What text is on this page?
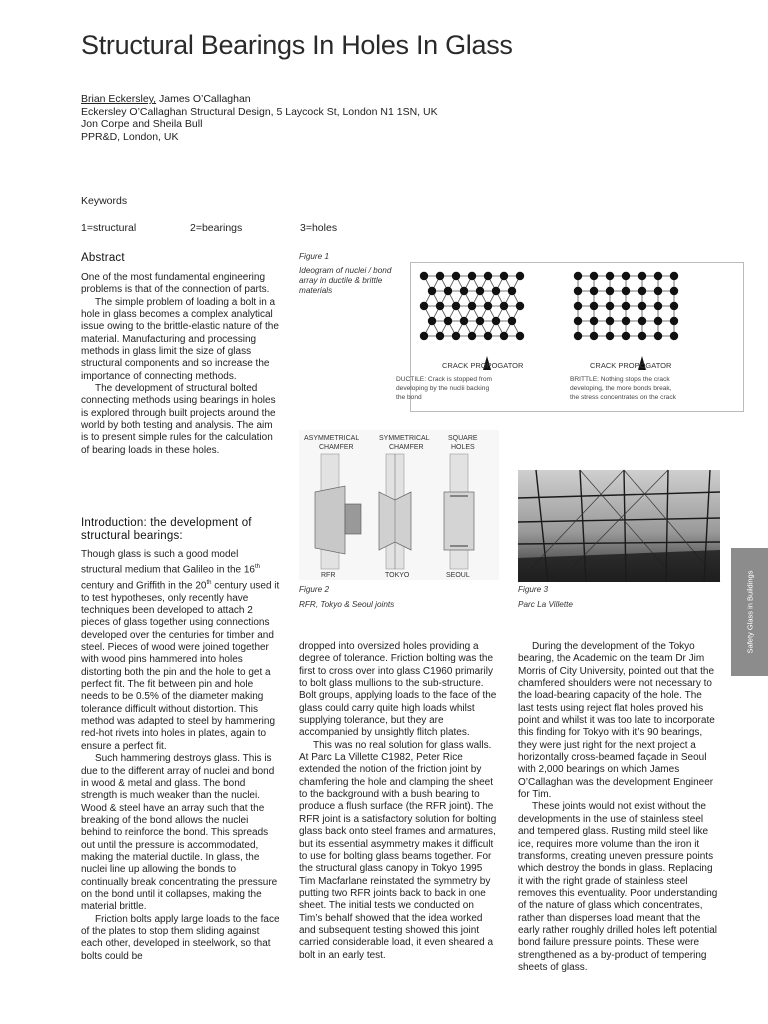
Structural Bearings In Holes In Glass
Brian Eckersley, James O’Callaghan
Eckersley O’Callaghan Structural Design, 5 Laycock St, London N1 1SN, UK
Jon Corpe and Sheila Bull
PPR&D, London, UK
Keywords
1=structural	2=bearings	3=holes
Safety Glass in Buildings
Abstract

One of the most fundamental engineering problems is that of the connection of parts.

The simple problem of loading a bolt in a hole in glass becomes a complex analytical issue owing to the brittle-elastic nature of the material. Manufacturing and processing methods in glass limit the size of glass structural components and so increase the importance of connecting methods.

The development of structural bolted connecting methods using bearings in holes is explored through built projects around the world by both testing and analysis. The aim is to present simple rules for the calculation of bearing loads in these holes.

Introduction: the development of structural bearings:

Though glass is such a good model structural medium that Galileo in the 16th century and Griffith in the 20th century used it to test hypotheses, only recently have techniques been developed to attach 2 pieces of glass together using connections developed over the centuries for timber and steel. Pieces of wood were joined together with wood pins hammered into holes distorting both the pin and the hole to get a perfect fit. The fit between pin and hole needs to be 0.5% of the diameter making tolerance difficult without distortion. This method was adapted to steel by hammering red-hot rivets into holes in plates, again to ensure a perfect fit.

Such hammering destroys glass. This is due to the different array of nuclei and bond in wood & metal and glass. The bond strength is much weaker than the nuclei. Wood & steel have an array such that the breaking of the bond allows the nuclei behind to reinforce the bond. This spreads out until the pressure is accommodated, making the material ductile. In glass, the nuclei line up allowing the bonds to continually break concentrating the pressure on the bond until it collapses, making the material brittle.

Friction bolts apply large loads to the face of the plates to stop them sliding against each other, developed in steelwork, so that bolts could be

dropped into oversized holes providing a degree of tolerance. Friction bolting was the first to cross over into glass C1960 primarily to bolt glass mullions to the sub-structure. Bolt groups, applying loads to the face of the glass could carry quite high loads whilst supplying tolerance, but they are accompanied by unsightly flitch plates.

This was no real solution for glass walls. At Parc La Villette C1982, Peter Rice extended the notion of the friction joint by chamfering the hole and clamping the sheet to the background with a bush bearing to produce a flush surface (the RFR joint). The RFR joint is a satisfactory solution for bolting glass back onto steel frames and armatures, but its essential asymmetry makes it difficult to use for bolting glass beams together. For the structural glass canopy in Tokyo 1995 Tim Macfarlane reinstated the symmetry by putting two RFR joints back to back in one sheet. The initial tests we conducted on Tim’s behalf showed that the idea worked and subsequent testing showed this joint carried considerable load, it even sheared a bolt in an early test.

During the development of the Tokyo bearing, the Academic on the team Dr Jim Morris of City University, pointed out that the chamfered shoulders were not necessary to the load-bearing capacity of the hole. The last tests using reject flat holes proved his point and whilst it was too late to incorporate this finding for Tokyo with it’s 90 bearings, they were just right for the next project a horizontally cross-beamed façade in Seoul with 2,000 bearings on which James O’Callaghan was the development Engineer for Tim.

These joints would not exist without the developments in the use of stainless steel and tempered glass. Rusting mild steel like ice, requires more volume than the iron it transforms, creating uneven pressure points which destroy the bonds in glass. Replacing it with the right grade of stainless steel removes this eventuality. Poor understanding of the nature of glass which concentrates, rather than disperses load meant that the early rather roughly drilled holes left potential bond failure pressure points. These were strengthened as a by-product of tempering sheets of glass.

Figure 1
Ideogram of nuclei / bond array in ductile & brittle materials
CRACK PROPOGATOR	CRACK PROPOGATOR
DUCTILE: Crack is stopped from
developing by the nuclii backing
the bond
BRITTLE: Nothing stops the crack
developing, the more bonds break,
the stress concentrates on the crack
ASYMMETRICAL
CHAMFER
SYMMETRICAL
CHAMFER
SQUARE
HOLES
RFR	TOKYO	SEOUL
Figure 2
RFR, Tokyo & Seoul joints
Figure 3
Parc La Villette
